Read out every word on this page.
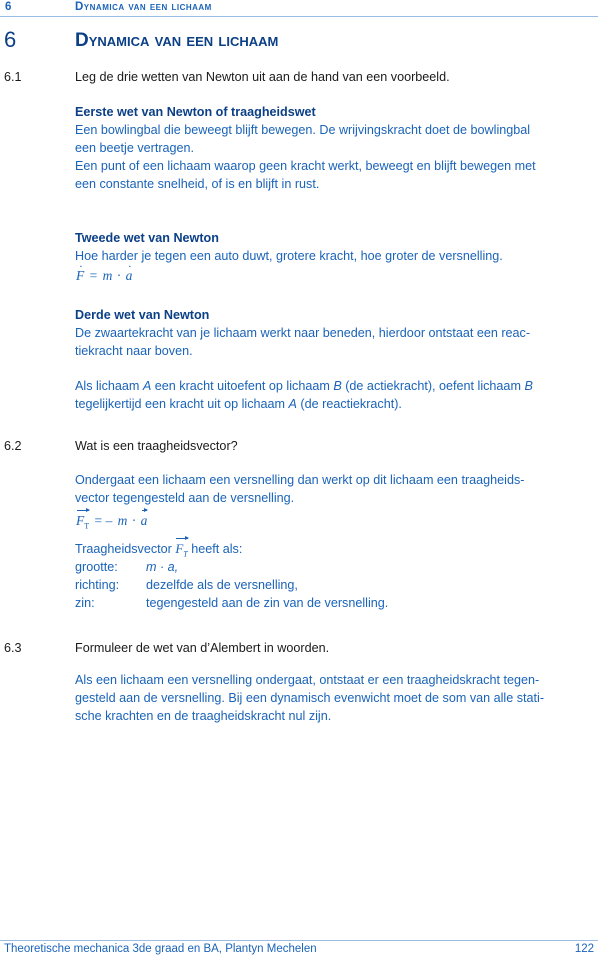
6	Dynamica van een lichaam
6	Dynamica van een lichaam
6.1	Leg de drie wetten van Newton uit aan de hand van een voorbeeld.
Eerste wet van Newton of traagheidswet
Een bowlingbal die beweegt blijft bewegen. De wrijvingskracht doet de bowlingbal
een beetje vertragen.
Een punt of een lichaam waarop geen kracht werkt, beweegt en blijft bewegen met
een constante snelheid, of is en blijft in rust.
Tweede wet van Newton
Hoe harder je tegen een auto duwt, grotere kracht, hoe groter de versnelling.
· F = m · · a
Derde wet van Newton
De zwaartekracht van je lichaam werkt naar beneden, hierdoor ontstaat een reac-
tiekracht naar boven.
Als lichaam A een kracht uitoefent op lichaam B (de actiekracht), oefent lichaam B
tegelijkertijd een kracht uit op lichaam A (de reactiekracht).
6.2	Wat is een traagheidsvector?
Ondergaat een lichaam een versnelling dan werkt op dit lichaam een traagheids-
vector tegengesteld aan de versnelling.
$F_T$ = – m · a
Traagheidsvector $F_T$ heeft als:
grootte: m · a,
richting: dezelfde als de versnelling,
zin:	tegengesteld aan de zin van de versnelling.
6.3	Formuleer de wet van d’Alembert in woorden.
Als een lichaam een versnelling ondergaat, ontstaat er een traagheidskracht tegen-
gesteld aan de versnelling. Bij een dynamisch evenwicht moet de som van alle stati-
sche krachten en de traagheidskracht nul zijn.
Theoretische mechanica 3de graad en BA, Plantyn Mechelen	122
